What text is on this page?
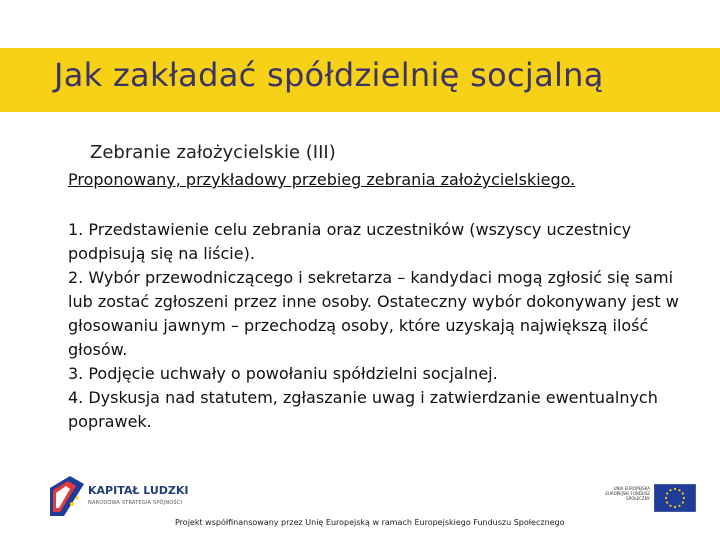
Jak zakładać spółdzielnię socjalną
Zebranie założycielskie (III)

Proponowany, przykładowy przebieg zebrania założycielskiego.

1. Przedstawienie celu zebrania oraz uczestników (wszyscy uczestnicy podpisują się na liście).
2. Wybór przewodniczącego i sekretarza – kandydaci mogą zgłosić się sami lub zostać zgłoszeni przez inne osoby. Ostateczny wybór dokonywany jest w głosowaniu jawnym – przechodzą osoby, które uzyskają największą ilość głosów.
3. Podjęcie uchwały o powołaniu spółdzielni socjalnej.
4. Dyskusja nad statutem, zgłaszanie uwag i zatwierdzanie ewentualnych poprawek.
KAPITAŁ LUDZKI
NARODOWA STRATEGIA SPÓJNOŚCI
UNIA EUROPEJSKA EUROPEJSKI FUNDUSZ SPOŁECZNY
Projekt współfinansowany przez Unię Europejską w ramach Europejskiego Funduszu Społecznego
